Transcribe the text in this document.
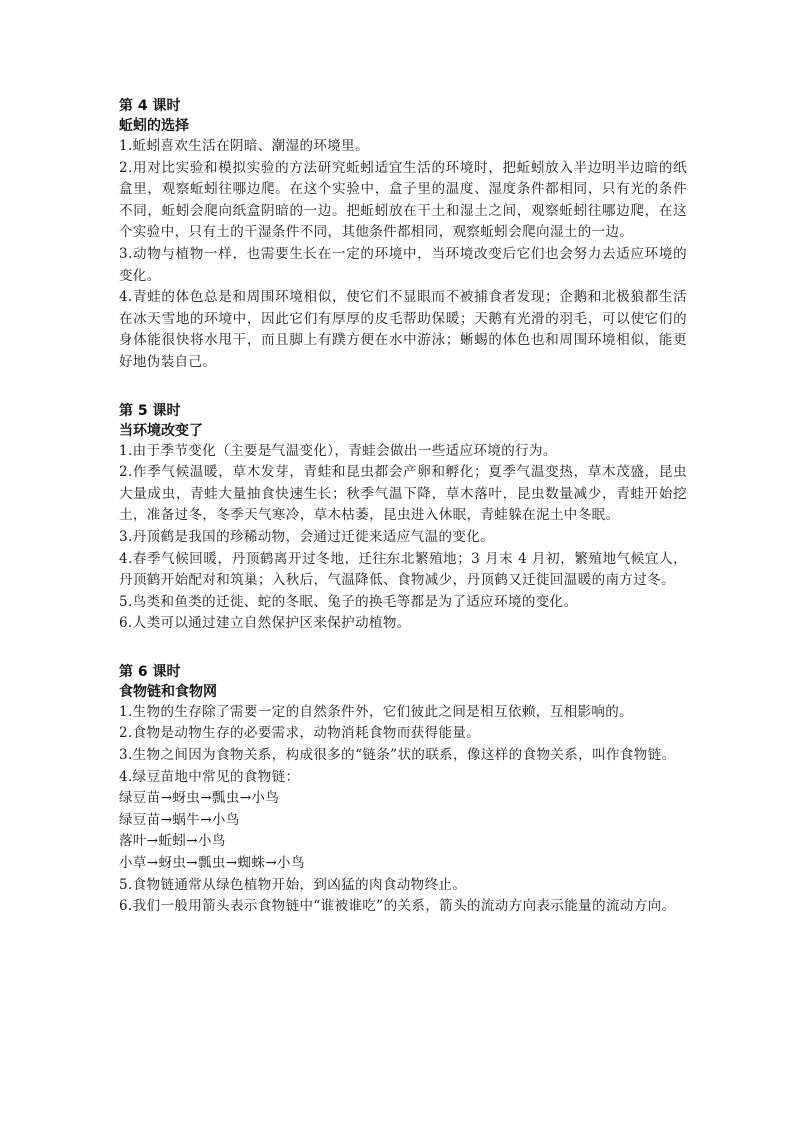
第 4 课时
蚯蚓的选择
1.蚯蚓喜欢生活在阴暗、潮湿的环境里。
2.用对比实验和模拟实验的方法研究蚯蚓适宜生活的环境时，把蚯蚓放入半边明半边暗的纸盒里，观察蚯蚓往哪边爬。在这个实验中，盒子里的温度、湿度条件都相同，只有光的条件不同，蚯蚓会爬向纸盒阴暗的一边。把蚯蚓放在干土和湿土之间，观察蚯蚓往哪边爬，在这个实验中，只有土的干湿条件不同，其他条件都相同，观察蚯蚓会爬向湿土的一边。
3.动物与植物一样，也需要生长在一定的环境中，当环境改变后它们也会努力去适应环境的变化。
4.青蛙的体色总是和周围环境相似，使它们不显眼而不被捕食者发现；企鹅和北极狼都生活在冰天雪地的环境中，因此它们有厚厚的皮毛帮助保暖；天鹅有光滑的羽毛，可以使它们的身体能很快将水甩干，而且脚上有蹼方便在水中游泳；蜥蜴的体色也和周围环境相似，能更好地伪装自己。
第 5 课时
当环境改变了
1.由于季节变化（主要是气温变化），青蛙会做出一些适应环境的行为。
2.作季气候温暖，草木发芽，青蛙和昆虫都会产卵和孵化；夏季气温变热，草木茂盛，昆虫大量成虫，青蛙大量抽食快速生长；秋季气温下降，草木落叶，昆虫数量减少，青蛙开始挖土，准备过冬，冬季天气寒冷，草木枯萎，昆虫进入休眠，青蛙躲在泥土中冬眠。
3.丹顶鹤是我国的珍稀动物，会通过迁徙来适应气温的变化。
4.春季气候回暖，丹顶鹤离开过冬地，迁往东北繁殖地；3 月末 4 月初，繁殖地气候宜人，丹顶鹤开始配对和筑巢；入秋后，气温降低、食物减少，丹顶鹤又迁徙回温暖的南方过冬。
5.鸟类和鱼类的迁徙、蛇的冬眠、兔子的换毛等都是为了适应环境的变化。
6.人类可以通过建立自然保护区来保护动植物。
第 6 课时
食物链和食物网
1.生物的生存除了需要一定的自然条件外，它们彼此之间是相互依赖，互相影响的。
2.食物是动物生存的必要需求，动物消耗食物而获得能量。
3.生物之间因为食物关系，构成很多的“链条”状的联系，像这样的食物关系，叫作食物链。
4.绿豆苗地中常见的食物链：
绿豆苗→蚜虫→瓢虫→小鸟
绿豆苗→蜗牛→小鸟
落叶→蚯蚓→小鸟
小草→蚜虫→瓢虫→蜘蛛→小鸟
5.食物链通常从绿色植物开始，到凶猛的肉食动物终止。
6.我们一般用箭头表示食物链中“谁被谁吃”的关系，箭头的流动方向表示能量的流动方向。
